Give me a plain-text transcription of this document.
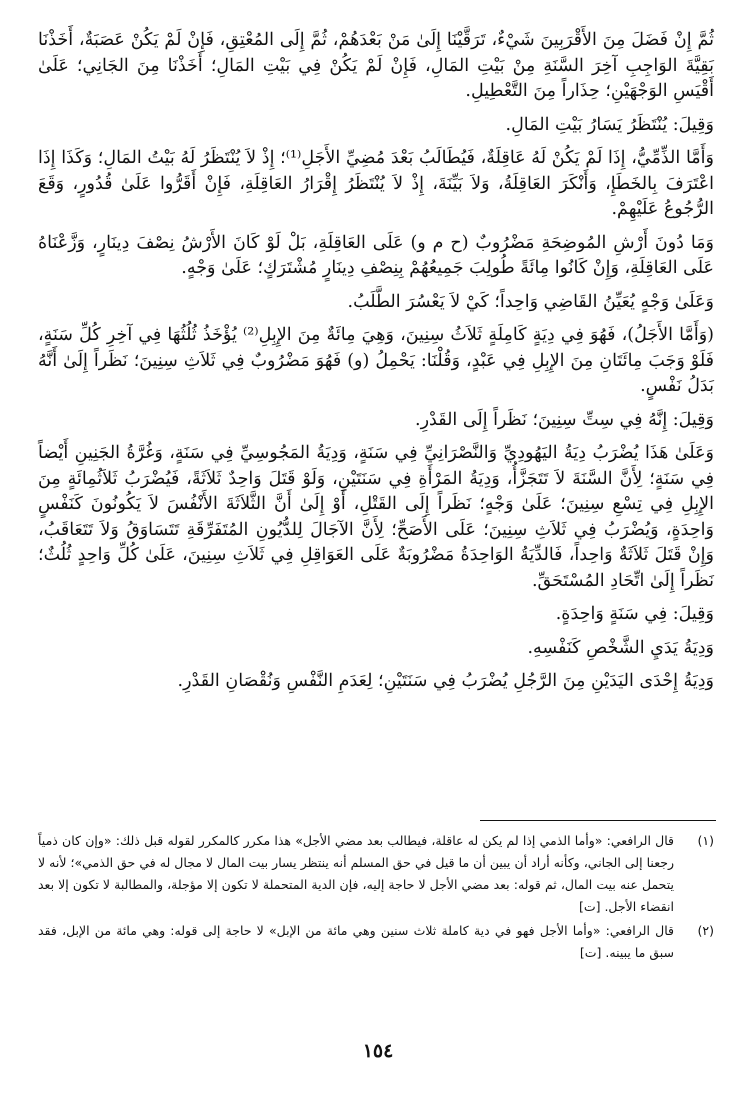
ثُمَّ إِنْ فَضَلَ مِنَ الأَقْرَبِينَ شَيْءٌ، تَرَقَّيْنَا إِلَىٰ مَنْ بَعْدَهُمْ، ثُمَّ إِلَى المُعْتِقِ، فَإِنْ لَمْ يَكُنْ عَصَبَةٌ، أَخَذْنَا بَقِيَّةَ الوَاجِبِ آخِرَ السَّنَةِ مِنْ بَيْتِ المَالِ، فَإِنْ لَمْ يَكُنْ فِي بَيْتِ المَالِ؛ أَخَذْنَا مِنَ الجَانِي؛ عَلَىٰ أَقْيَسِ الوَجْهَيْنِ؛ حِذَاراً مِنَ التَّعْطِيلِ.

وَقِيلَ: يُنْتَظَرُ يَسَارُ بَيْتِ المَالِ.

وَأَمَّا الذِّمِّيُّ، إِذَا لَمْ يَكُنْ لَهُ عَاقِلَةٌ، فَيُطَالَبُ بَعْدَ مُضِيِّ الأَجَلِ⁽¹⁾؛ إِذْ لاَ يُنْتَظَرُ لَهُ بَيْتُ المَالِ؛ وَكَذَا إِذَا اعْتَرَفَ بِالخَطَإِ، وَأَنْكَرَ العَاقِلَةُ، وَلاَ بَيِّنَةَ، إِذْ لاَ يُنْتَظَرُ إِقْرَارُ العَاقِلَةِ، فَإِنْ أَقَرُّوا عَلَىٰ قُدُورٍ، وَقَعَ الرُّجُوعُ عَلَيْهِمْ.

وَمَا دُونَ أَرْشِ المُوضِحَةِ مَضْرُوبٌ (ح م و) عَلَى العَاقِلَةِ، بَلْ لَوْ كَانَ الأَرْشُ نِصْفَ دِينَارٍ، وَزَّعْنَاهُ عَلَى العَاقِلَةِ، وَإِنْ كَانُوا مِائَةً طُولِبَ جَمِيعُهُمْ بِنِصْفِ دِينَارٍ مُشْتَرَكٍ؛ عَلَىٰ وَجْهٍ.

وَعَلَىٰ وَجْهٍ يُعَيِّنُ القَاضِي وَاحِداً؛ كَيْ لاَ يَعْسُرَ الطَّلَبُ.

(وَأَمَّا الأَجَلُ)، فَهُوَ فِي دِيَةٍ كَامِلَةٍ ثَلاَثُ سِنِينَ، وَهِيَ مِائَةٌ مِنَ الإِبِلِ⁽²⁾ يُؤْخَذُ ثُلُثُهَا فِي آخِرِ كُلِّ سَنَةٍ، فَلَوْ وَجَبَ مِائَتَانِ مِنَ الإِبِلِ فِي عَبْدٍ، وَقُلْنَا: يَحْمِلُ (و) فَهُوَ مَضْرُوبٌ فِي ثَلاَثِ سِنِينَ؛ نَظَراً إِلَىٰ أَنَّهُ بَدَلُ نَفْسٍ.

وَقِيلَ: إِنَّهُ فِي سِتِّ سِنِينَ؛ نَظَراً إِلَى القَدْرِ.

وَعَلَىٰ هَذَا يُضْرَبُ دِيَةُ اليَهُودِيِّ وَالنَّصْرَانِيِّ فِي سَنَةٍ، وَدِيَةُ المَجُوسِيِّ فِي سَنَةٍ، وَغُرَّةُ الجَنِينِ أَيْضاً فِي سَنَةٍ؛ لِأَنَّ السَّنَةَ لاَ تَتَجَزَّأُ، وَدِيَةُ المَرْأَةِ فِي سَنَتَيْنِ، وَلَوْ قَتَلَ وَاحِدٌ ثَلاَثَةً، فَيُضْرَبُ ثَلاَثُمِائَةٍ مِنَ الإِبِلِ فِي تِسْعِ سِنِينَ؛ عَلَىٰ وَجْهٍ؛ نَظَراً إِلَى القَتْلِ، أَوْ إِلَىٰ أَنَّ الثَّلاَثَةَ الأَنْفُسَ لاَ يَكُونُونَ كَنَفْسٍ وَاحِدَةٍ، وَيُضْرَبُ فِي ثَلاَثِ سِنِينَ؛ عَلَى الأَصَحِّ؛ لِأَنَّ الآجَالَ لِلدُّيُونِ المُتَفَرِّقَةِ تَتَسَاوَقُ وَلاَ تَتَعَاقَبُ، وَإِنْ قَتَلَ ثَلاَثَةٌ وَاحِداً، فَالدِّيَةُ الوَاحِدَةُ مَضْرُوبَةٌ عَلَى العَوَاقِلِ فِي ثَلاَثِ سِنِينَ، عَلَىٰ كُلِّ وَاحِدٍ ثُلُثٌ؛ نَظَراً إِلَىٰ اتِّحَادِ المُسْتَحَقِّ.

وَقِيلَ: فِي سَنَةٍ وَاحِدَةٍ.

وَدِيَةُ يَدَيِ الشَّخْصِ كَنَفْسِهِ.

وَدِيَةُ إِحْدَى اليَدَيْنِ مِنَ الرَّجُلِ يُضْرَبُ فِي سَنَتَيْنِ؛ لِعَدَمِ النَّفْسِ وَنُقْصَانِ القَدْرِ.

(١)
قال الرافعي: «وأما الذمي إذا لم يكن له عاقلة، فيطالب بعد مضي الأجل» هذا مكرر كالمكرر لقوله قبل ذلك: «وإن كان ذمياً رجعنا إلى الجاني، وكأنه أراد أن يبين أن ما قيل في حق المسلم أنه ينتظر يسار بيت المال لا مجال له في حق الذمي»؛ لأنه لا يتحمل عنه بيت المال، ثم قوله: بعد مضي الأجل لا حاجة إليه، فإن الدية المتحملة لا تكون إلا مؤجلة، والمطالبة لا تكون إلا بعد انقضاء الأجل. [ت]
(٢)
قال الرافعي: «وأما الأجل فهو في دية كاملة ثلاث سنين وهي مائة من الإبل» لا حاجة إلى قوله: وهي مائة من الإبل، فقد سبق ما يبينه. [ت]
١٥٤
